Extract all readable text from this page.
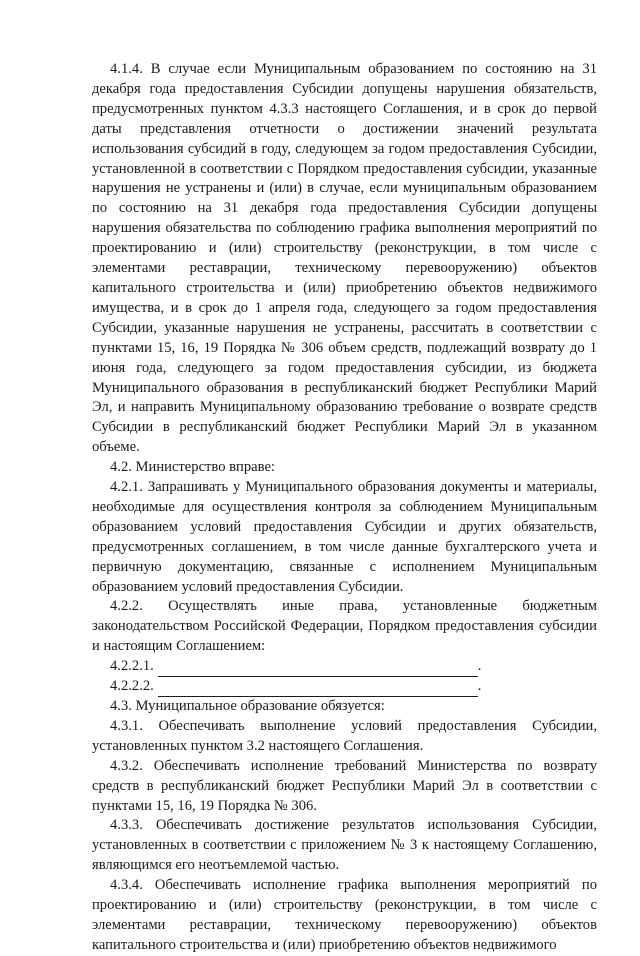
4.1.4. В случае если Муниципальным образованием по состоянию на 31 декабря года предоставления Субсидии допущены нарушения обязательств, предусмотренных пунктом 4.3.3 настоящего Соглашения, и в срок до первой даты представления отчетности о достижении значений результата использования субсидий в году, следующем за годом предоставления Субсидии, установленной в соответствии с Порядком предоставления субсидии, указанные нарушения не устранены и (или) в случае, если муниципальным образованием по состоянию на 31 декабря года предоставления Субсидии допущены нарушения обязательства по соблюдению графика выполнения мероприятий по проектированию и (или) строительству (реконструкции, в том числе с элементами реставрации, техническому перевооружению) объектов капитального строительства и (или) приобретению объектов недвижимого имущества, и в срок до 1 апреля года, следующего за годом предоставления Субсидии, указанные нарушения не устранены, рассчитать в соответствии с пунктами 15, 16, 19 Порядка № 306 объем средств, подлежащий возврату до 1 июня года, следующего за годом предоставления субсидии, из бюджета Муниципального образования в республиканский бюджет Республики Марий Эл, и направить Муниципальному образованию требование о возврате средств Субсидии в республиканский бюджет Республики Марий Эл в указанном объеме.

4.2. Министерство вправе:

4.2.1. Запрашивать у Муниципального образования документы и материалы, необходимые для осуществления контроля за соблюдением Муниципальным образованием условий предоставления Субсидии и других обязательств, предусмотренных соглашением, в том числе данные бухгалтерского учета и первичную документацию, связанные с исполнением Муниципальным образованием условий предоставления Субсидии.

4.2.2. Осуществлять иные права, установленные бюджетным законодательством Российской Федерации, Порядком предоставления субсидии и настоящим Соглашением:

4.2.2.1.	.
4.2.2.2.	.

4.3. Муниципальное образование обязуется:

4.3.1. Обеспечивать выполнение условий предоставления Субсидии, установленных пунктом 3.2 настоящего Соглашения.

4.3.2. Обеспечивать исполнение требований Министерства по возврату средств в республиканский бюджет Республики Марий Эл в соответствии с пунктами 15, 16, 19 Порядка № 306.

4.3.3. Обеспечивать достижение результатов использования Субсидии, установленных в соответствии с приложением № 3 к настоящему Соглашению, являющимся его неотъемлемой частью.

4.3.4. Обеспечивать исполнение графика выполнения мероприятий по проектированию и (или) строительству (реконструкции, в том числе с элементами реставрации, техническому перевооружению) объектов капитального строительства и (или) приобретению объектов недвижимого
